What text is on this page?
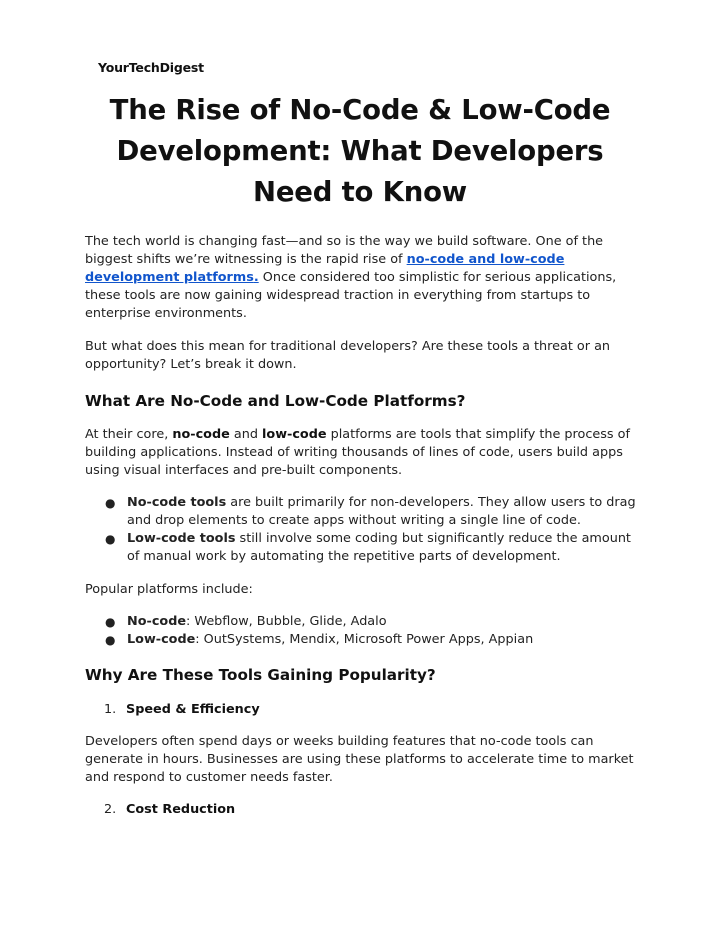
YourTechDigest
The Rise of No-Code & Low-Code
Development: What Developers
Need to Know

The tech world is changing fast—and so is the way we build software. One of the biggest shifts we’re witnessing is the rapid rise of no-code and low-code development platforms. Once considered too simplistic for serious applications, these tools are now gaining widespread traction in everything from startups to enterprise environments.

But what does this mean for traditional developers? Are these tools a threat or an opportunity? Let’s break it down.

What Are No-Code and Low-Code Platforms?

At their core, no-code and low-code platforms are tools that simplify the process of building applications. Instead of writing thousands of lines of code, users build apps using visual interfaces and pre-built components.

● No-code tools are built primarily for non-developers. They allow users to drag and drop elements to create apps without writing a single line of code.
● Low-code tools still involve some coding but significantly reduce the amount of manual work by automating the repetitive parts of development.

Popular platforms include:

● No-code: Webflow, Bubble, Glide, Adalo
● Low-code: OutSystems, Mendix, Microsoft Power Apps, Appian
Why Are These Tools Gaining Popularity?
1. Speed & Efficiency

Developers often spend days or weeks building features that no-code tools can generate in hours. Businesses are using these platforms to accelerate time to market and respond to customer needs faster.

2. Cost Reduction
